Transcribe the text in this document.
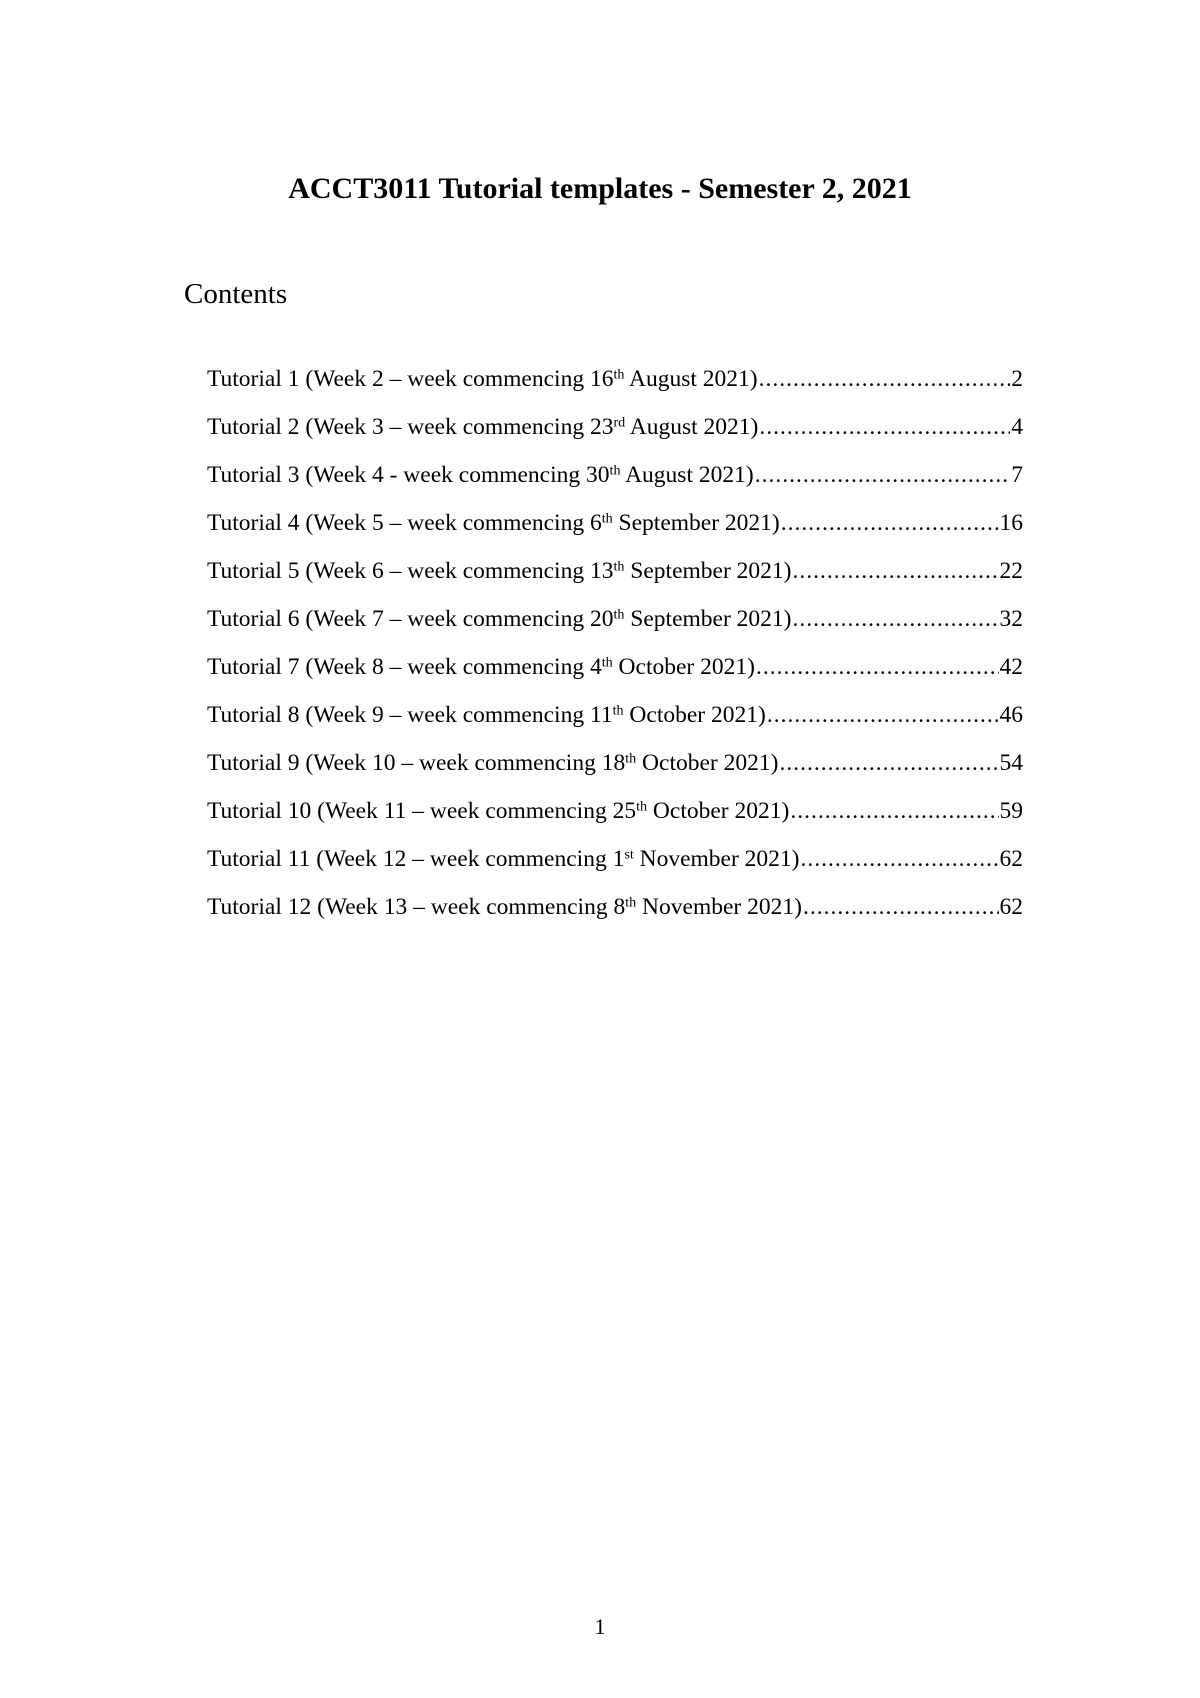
ACCT3011 Tutorial templates - Semester 2, 2021
Contents
Tutorial 1 (Week 2 – week commencing 16th August 2021) .....	2
Tutorial 2 (Week 3 – week commencing 23rd August 2021) .....	4
Tutorial 3 (Week 4 - week commencing 30th August 2021) .....	7
Tutorial 4 (Week 5 – week commencing 6th September 2021) .....	16
Tutorial 5 (Week 6 – week commencing 13th September 2021) .....	22
Tutorial 6 (Week 7 – week commencing 20th September 2021) .....	32
Tutorial 7 (Week 8 – week commencing 4th October 2021) .....	42
Tutorial 8 (Week 9 – week commencing 11th October 2021) .....	46
Tutorial 9 (Week 10 – week commencing 18th October 2021) .....	54
Tutorial 10 (Week 11 – week commencing 25th October 2021) .....	59
Tutorial 11 (Week 12 – week commencing 1st November 2021) .....	62
Tutorial 12 (Week 13 – week commencing 8th November 2021) .....	62
1
